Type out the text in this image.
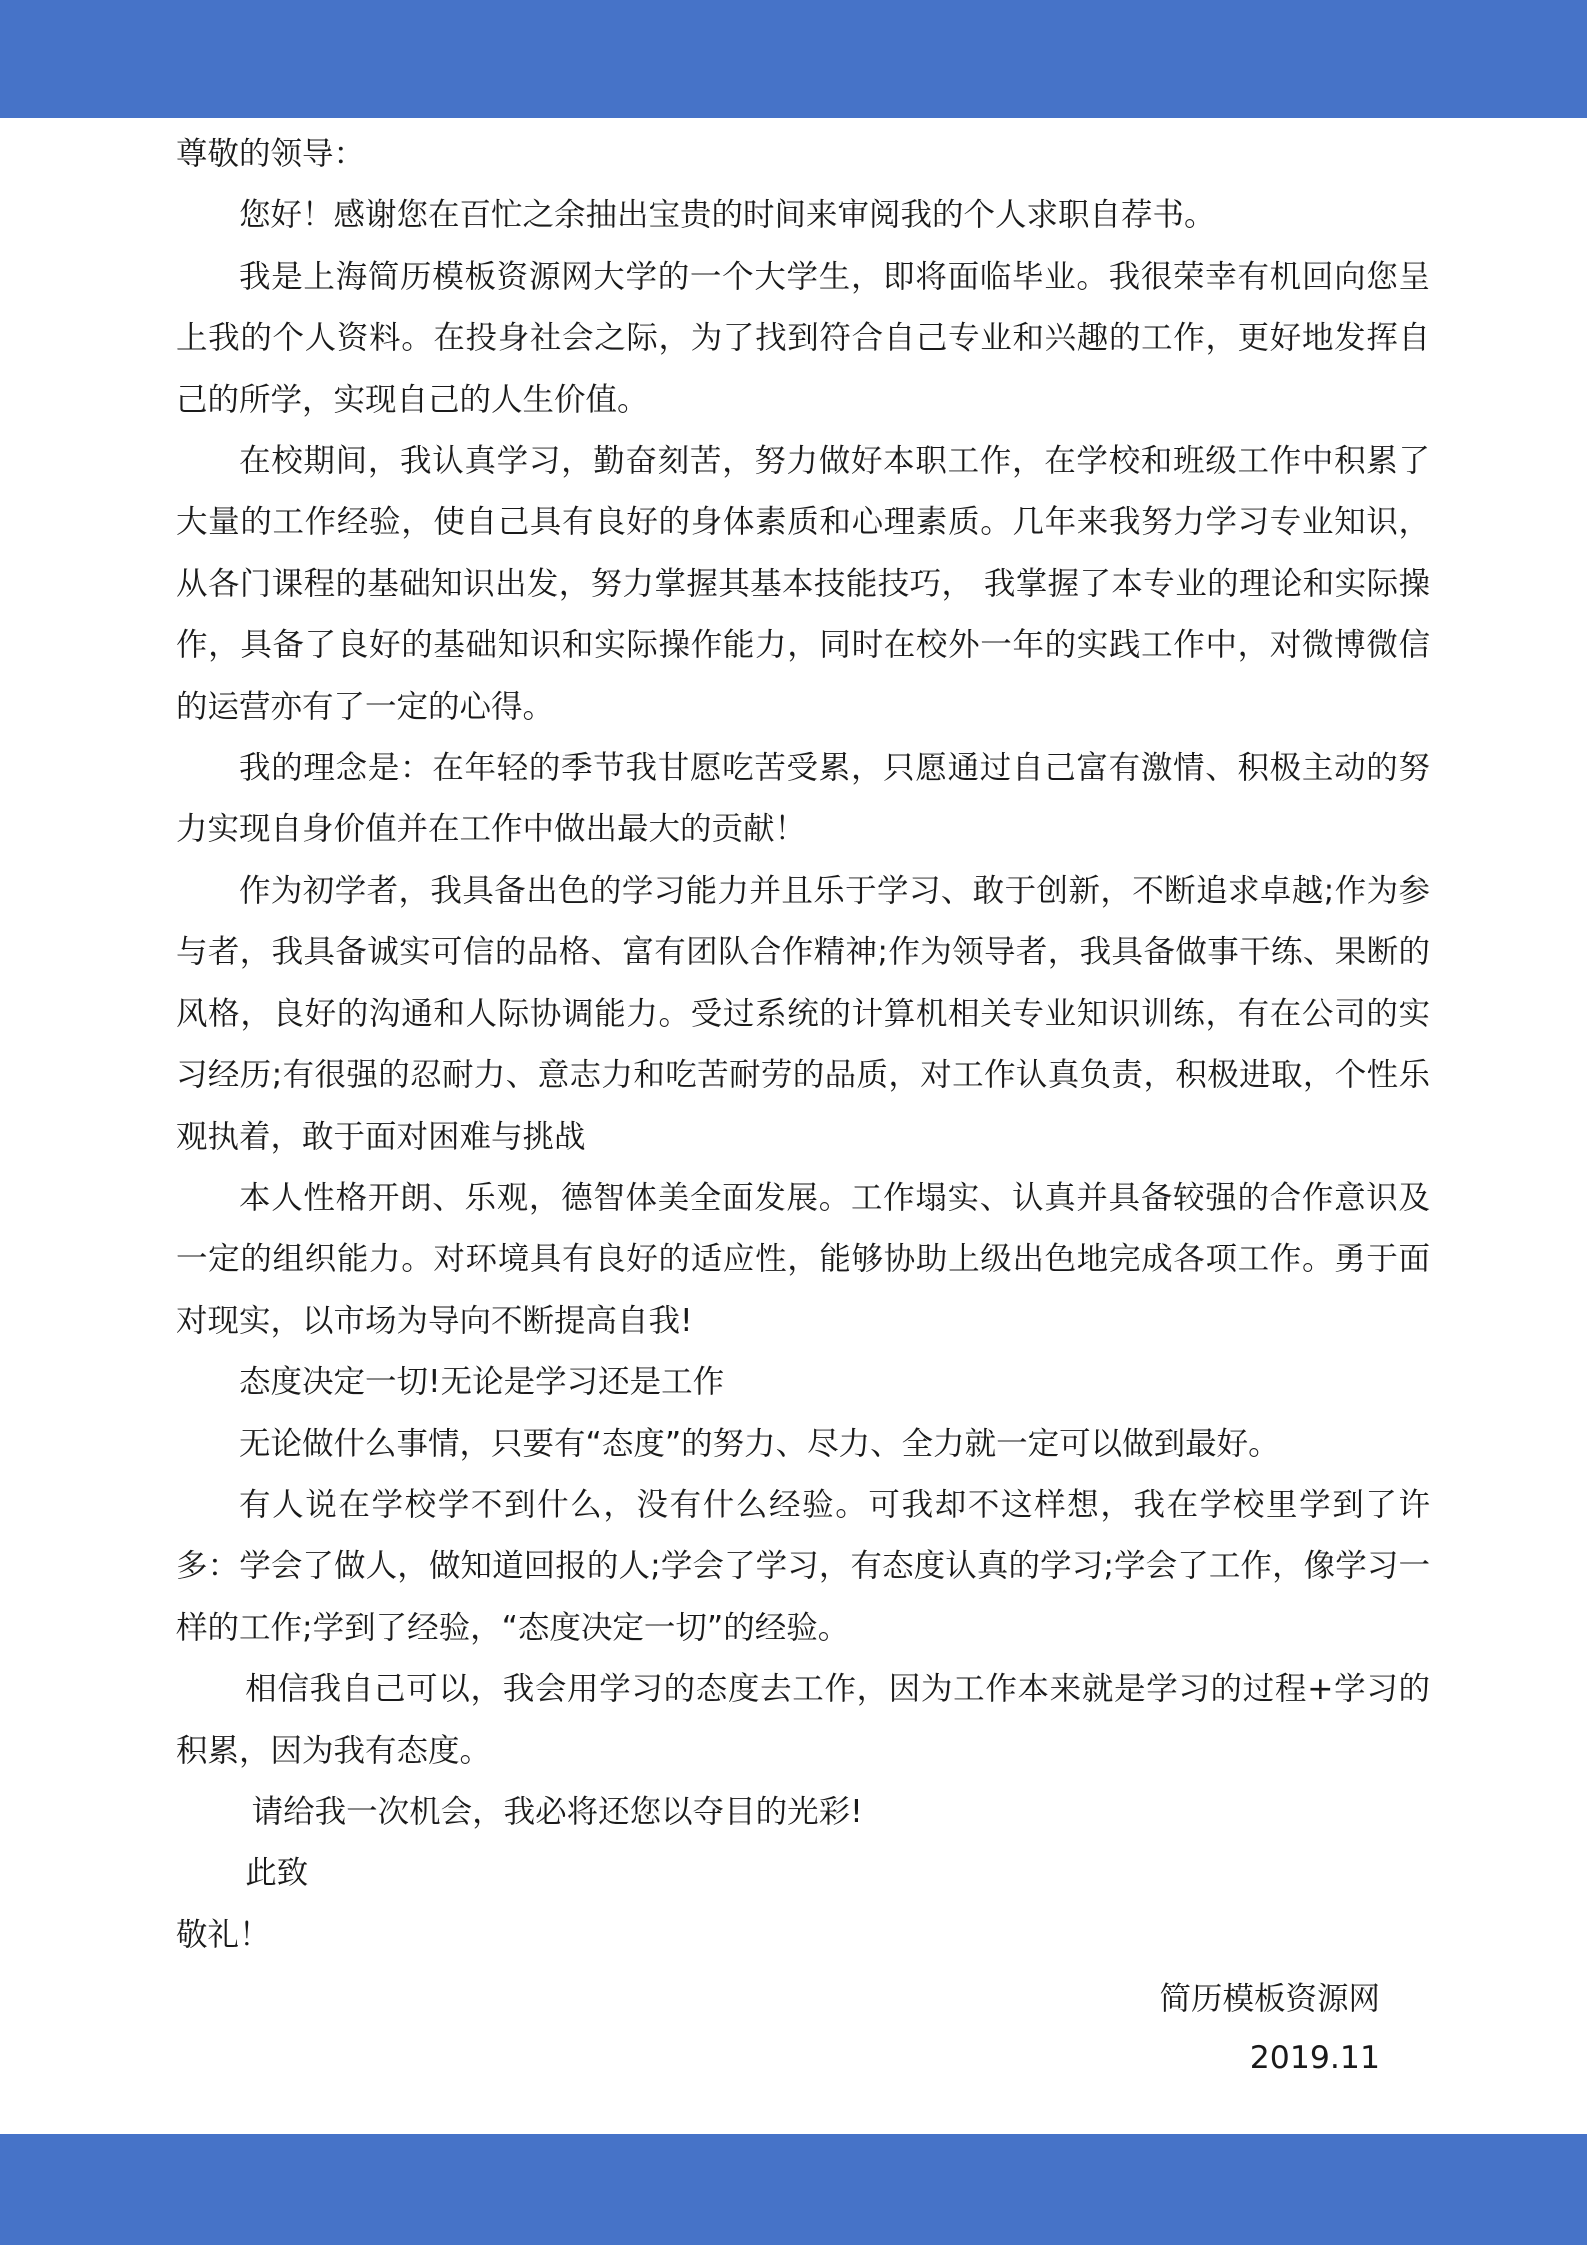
尊敬的领导：

您好！感谢您在百忙之余抽出宝贵的时间来审阅我的个人求职自荐书。

我是上海简历模板资源网大学的一个大学生，即将面临毕业。我很荣幸有机回向您呈上我的个人资料。在投身社会之际，为了找到符合自己专业和兴趣的工作，更好地发挥自己的所学，实现自己的人生价值。

在校期间，我认真学习，勤奋刻苦，努力做好本职工作，在学校和班级工作中积累了大量的工作经验，使自己具有良好的身体素质和心理素质。几年来我努力学习专业知识，从各门课程的基础知识出发，努力掌握其基本技能技巧， 我掌握了本专业的理论和实际操作，具备了良好的基础知识和实际操作能力，同时在校外一年的实践工作中，对微博微信的运营亦有了一定的心得。

我的理念是：在年轻的季节我甘愿吃苦受累，只愿通过自己富有激情、积极主动的努力实现自身价值并在工作中做出最大的贡献！

作为初学者，我具备出色的学习能力并且乐于学习、敢于创新，不断追求卓越;作为参与者，我具备诚实可信的品格、富有团队合作精神;作为领导者，我具备做事干练、果断的风格，良好的沟通和人际协调能力。受过系统的计算机相关专业知识训练，有在公司的实习经历;有很强的忍耐力、意志力和吃苦耐劳的品质，对工作认真负责，积极进取，个性乐观执着，敢于面对困难与挑战

本人性格开朗、乐观，德智体美全面发展。工作塌实、认真并具备较强的合作意识及一定的组织能力。对环境具有良好的适应性，能够协助上级出色地完成各项工作。勇于面对现实，以市场为导向不断提高自我!

态度决定一切!无论是学习还是工作

无论做什么事情，只要有“态度”的努力、尽力、全力就一定可以做到最好。

有人说在学校学不到什么，没有什么经验。可我却不这样想，我在学校里学到了许多：学会了做人，做知道回报的人;学会了学习，有态度认真的学习;学会了工作，像学习一样的工作;学到了经验，“态度决定一切”的经验。

相信我自己可以，我会用学习的态度去工作，因为工作本来就是学习的过程+学习的积累，因为我有态度。

请给我一次机会，我必将还您以夺目的光彩!

此致

敬礼！

简历模板资源网
2019.11
